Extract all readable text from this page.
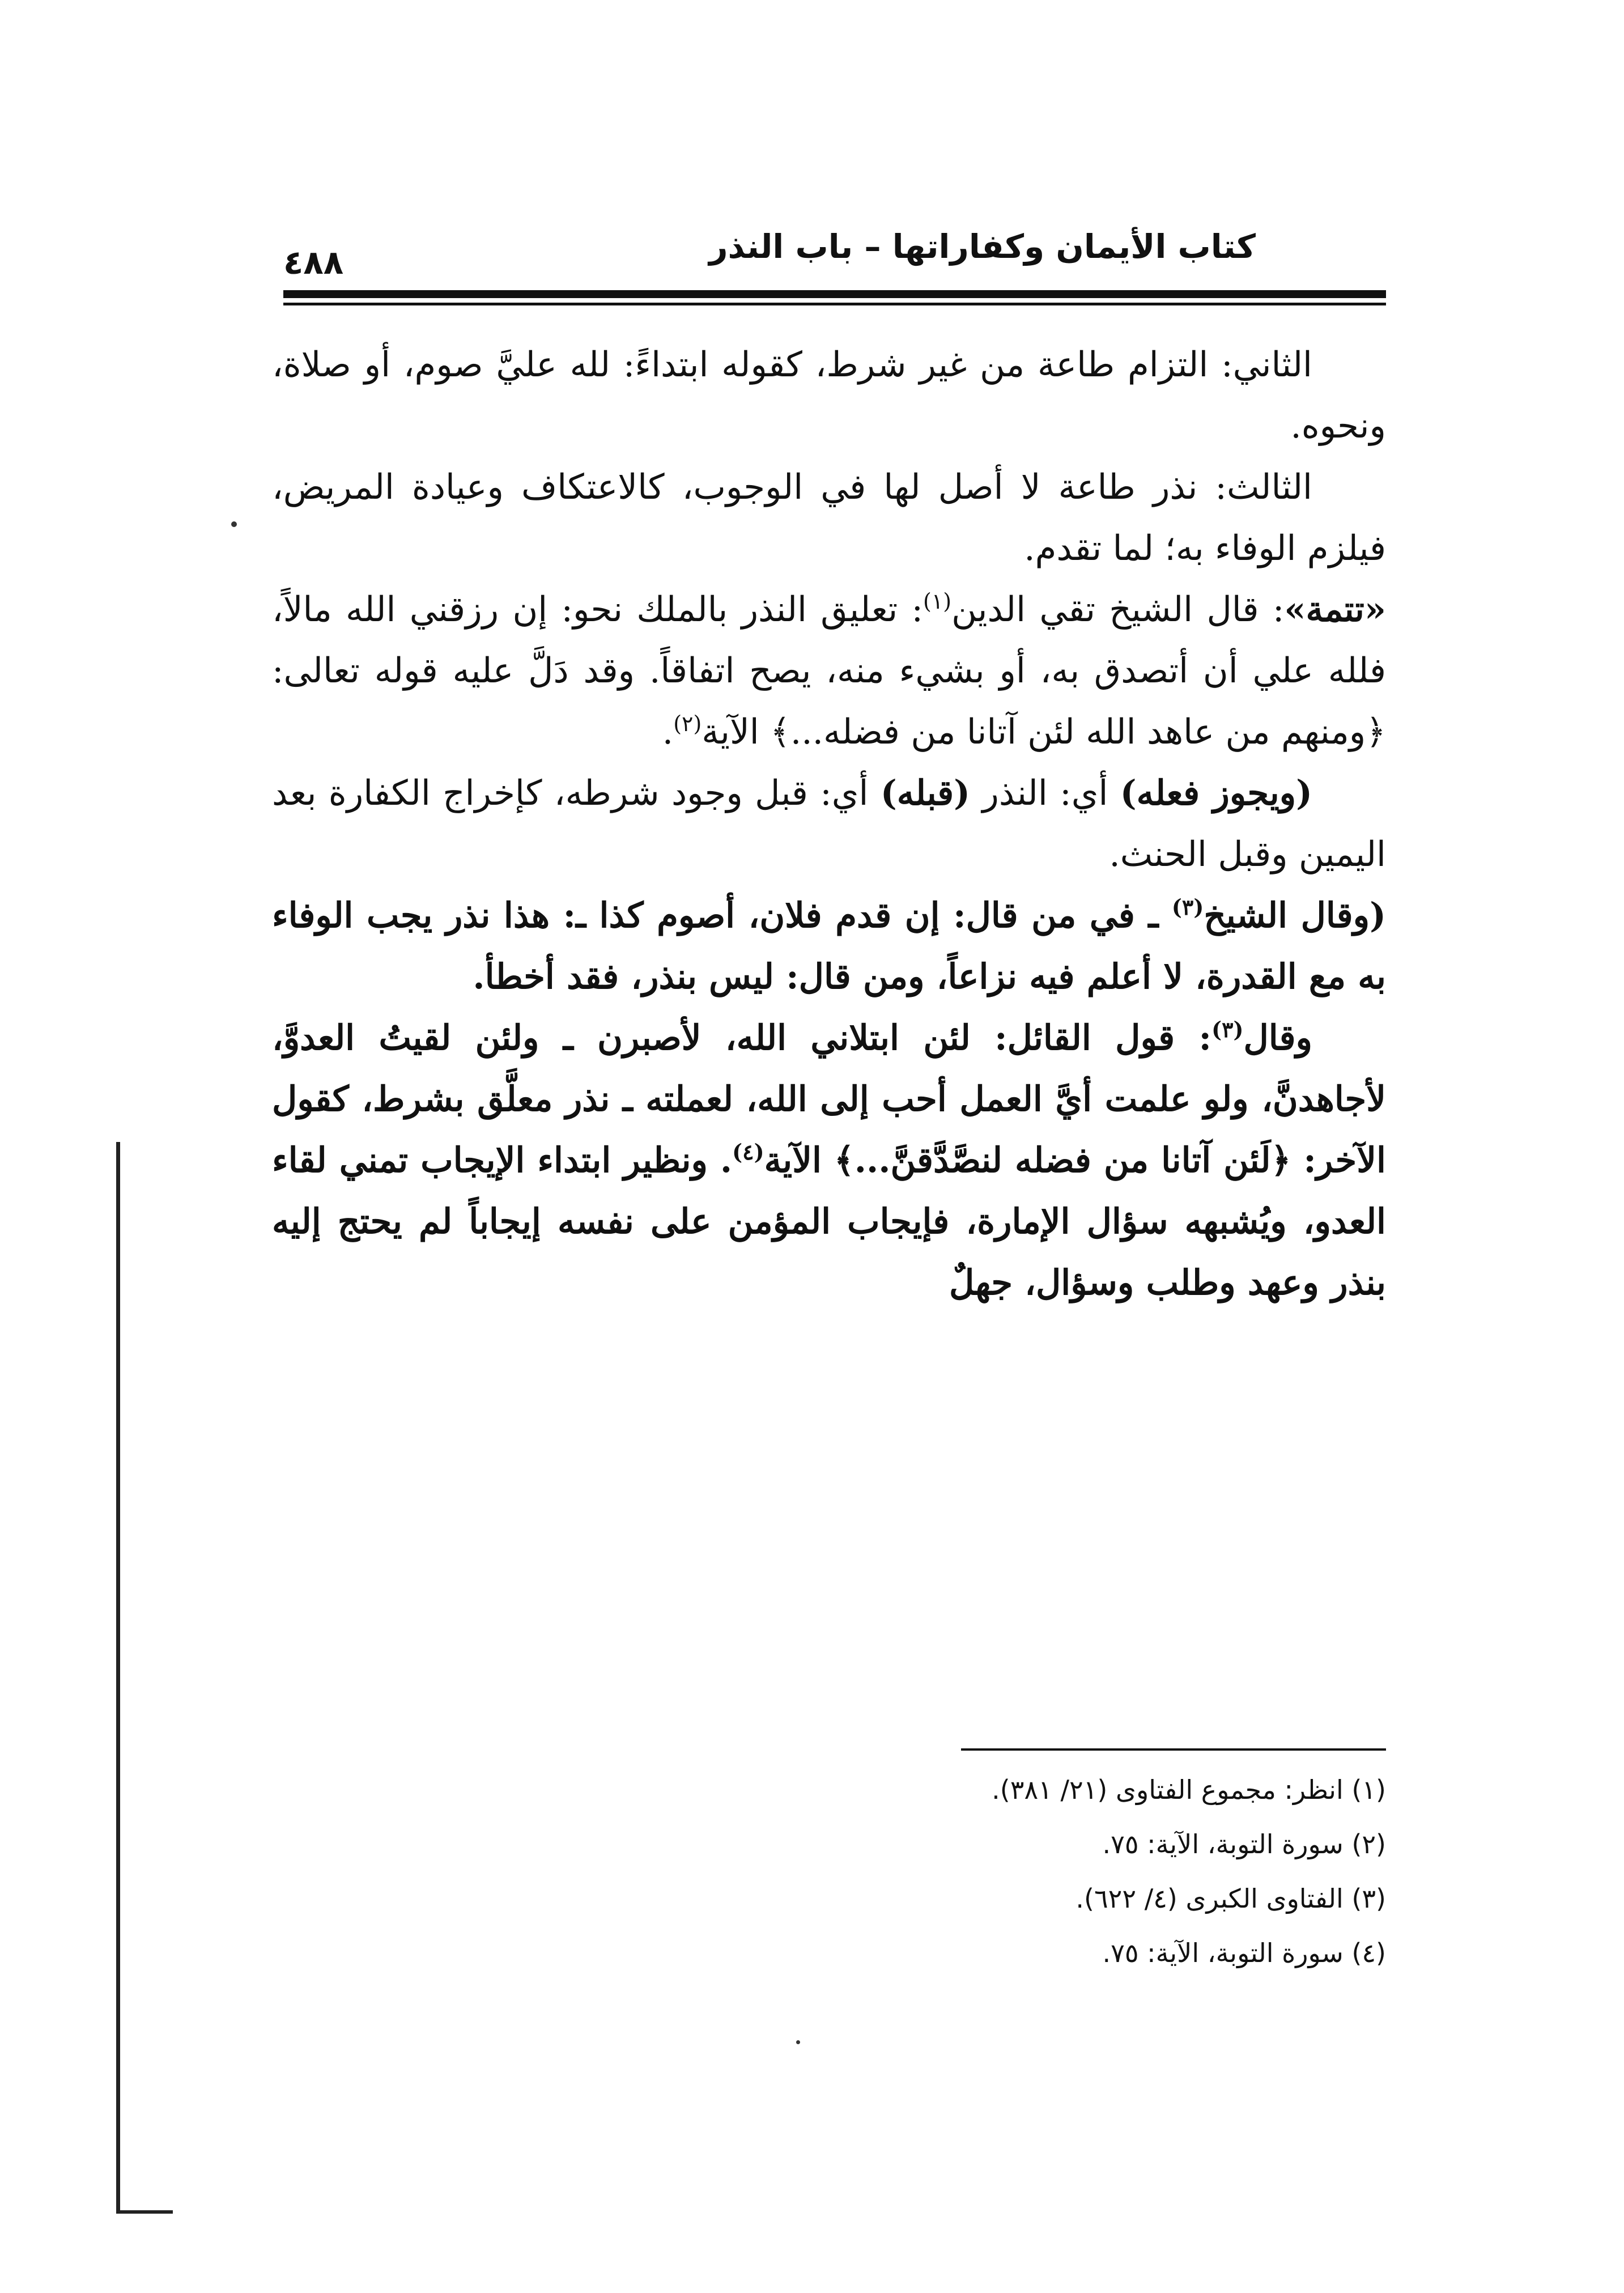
كتاب الأيمان وكفاراتها – باب النذر
٤٨٨

الثاني: التزام طاعة من غير شرط، كقوله ابتداءً: لله عليَّ صوم، أو صلاة، ونحوه.

الثالث: نذر طاعة لا أصل لها في الوجوب، كالاعتكاف وعيادة المريض، فيلزم الوفاء به؛ لما تقدم.

«تتمة»: قال الشيخ تقي الدين$^{(١)}$: تعليق النذر بالملك نحو: إن رزقني الله مالاً، فلله علي أن أتصدق به، أو بشيء منه، يصح اتفاقاً. وقد دَلَّ عليه قوله تعالى: ﴿ومنهم من عاهد الله لئن آتانا من فضله...﴾ الآية$^{(٢)}$.

(ويجوز فعله) أي: النذر (قبله) أي: قبل وجود شرطه، كإخراج الكفارة بعد اليمين وقبل الحنث.

(وقال الشيخ$^{(٣)}$ ـ في من قال: إن قدم فلان، أصوم كذا ـ: هذا نذر يجب الوفاء به مع القدرة، لا أعلم فيه نزاعاً، ومن قال: ليس بنذر، فقد أخطأ.

وقال$^{(٣)}$: قول القائل: لئن ابتلاني الله، لأصبرن ـ ولئن لقيتُ العدوَّ، لأجاهدنَّ، ولو علمت أيَّ العمل أحب إلى الله، لعملته ـ نذر معلَّق بشرط، كقول الآخر: ﴿لَئن آتانا من فضله لنصَّدَّقنَّ...﴾ الآية$^{(٤)}$. ونظير ابتداء الإيجاب تمني لقاء العدو، ويُشبهه سؤال الإمارة، فإيجاب المؤمن على نفسه إيجاباً لم يحتج إليه بنذر وعهد وطلب وسؤال، جهلٌ

(١) انظر: مجموع الفتاوى (٢١/ ٣٨١).

(٢) سورة التوبة، الآية: ٧٥.

(٣) الفتاوى الكبرى (٤/ ٦٢٢).

(٤) سورة التوبة، الآية: ٧٥.
